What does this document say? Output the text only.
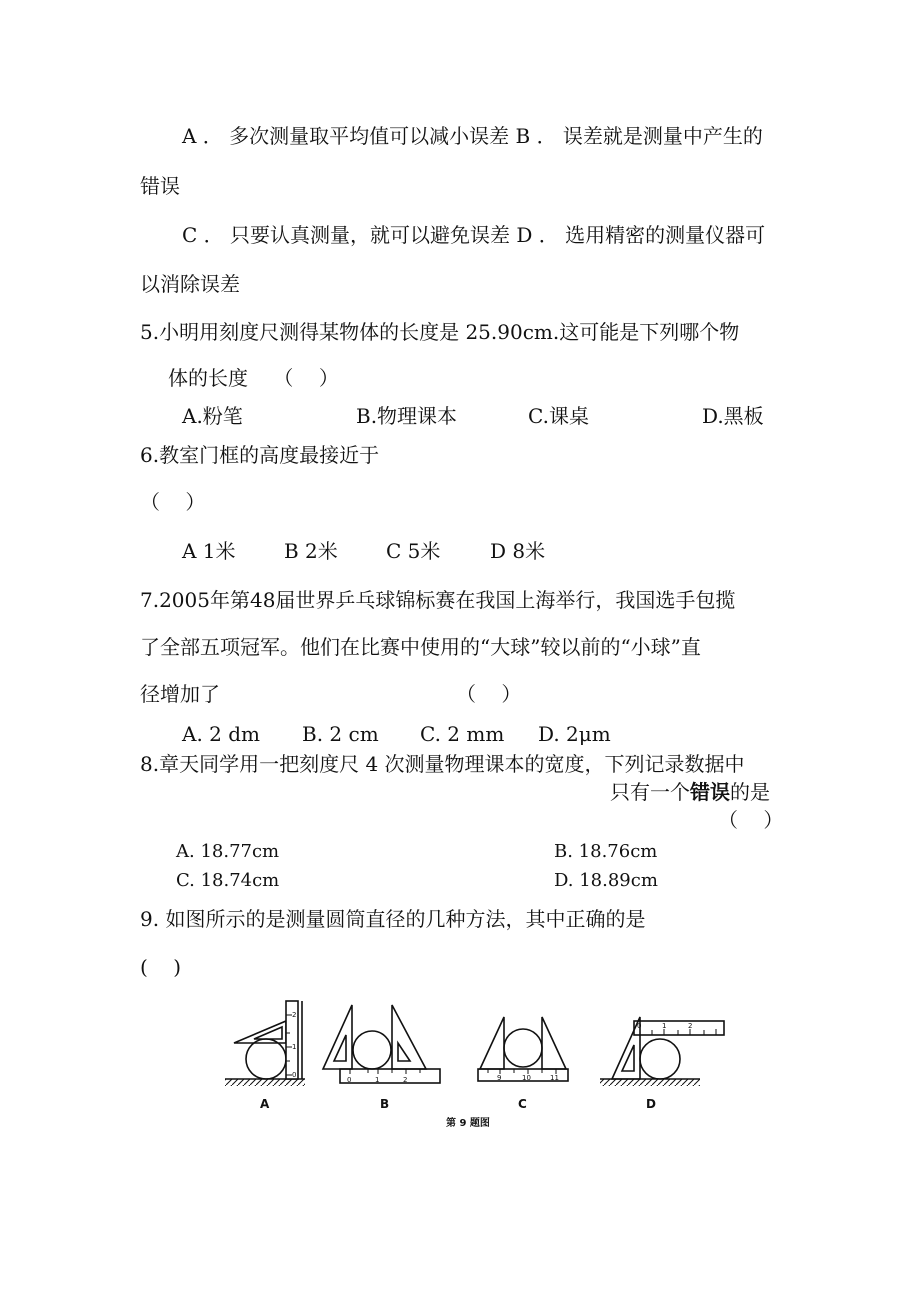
A ． 多次测量取平均值可以减小误差 B ． 误差就是测量中产生的
错误
C ． 只要认真测量，就可以避免误差 D ． 选用精密的测量仪器可
以消除误差
5.小明用刻度尺测得某物体的长度是 25.90cm.这可能是下列哪个物
体的长度    （    ）
A.粉笔	B.物理课本	C.课桌	D.黑板
6.教室门框的高度最接近于
（    ）
A 1米 B 2米 C 5米 D 8米
7.2005年第48届世界乒乓球锦标赛在我国上海举行，我国选手包揽
了全部五项冠军。他们在比赛中使用的“大球”较以前的“小球”直
径增加了	（    ）
A. 2 dm B. 2 cm C. 2 mm D. 2μm
8.章天同学用一把刻度尺 4 次测量物理课本的宽度，下列记录数据中
只有一个错误的是
（    ）
A. 18.77cm	B. 18.76cm
C. 18.74cm	D. 18.89cm
9. 如图所示的是测量圆筒直径的几种方法，其中正确的是
(    )
2
1
0
A
0	1	2
B
9	10	11
C
0	1	2
D
第 9 题图
